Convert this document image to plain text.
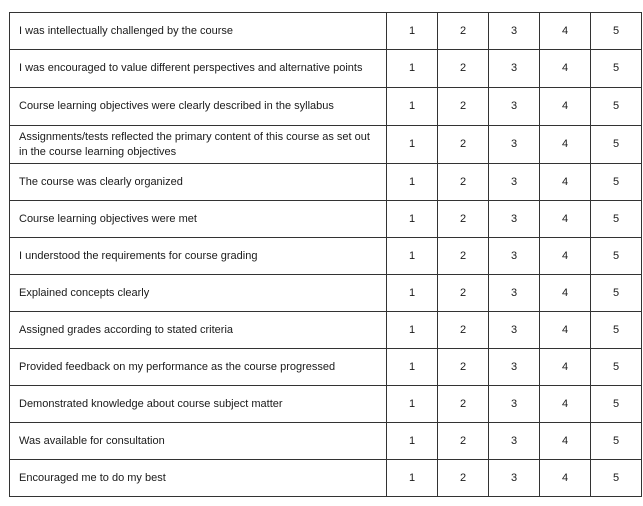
I was intellectually challenged by the course	1	2	3	4	5
I was encouraged to value different perspectives and alternative points	1	2	3	4	5
Course learning objectives were clearly described in the syllabus	1	2	3	4	5
Assignments/tests reflected the primary content of this course as set out in the course learning objectives	1	2	3	4	5
The course was clearly organized	1	2	3	4	5
Course learning objectives were met	1	2	3	4	5
I understood the requirements for course grading	1	2	3	4	5
Explained concepts clearly	1	2	3	4	5
Assigned grades according to stated criteria	1	2	3	4	5
Provided feedback on my performance as the course progressed	1	2	3	4	5
Demonstrated knowledge about course subject matter	1	2	3	4	5
Was available for consultation	1	2	3	4	5
Encouraged me to do my best	1	2	3	4	5
